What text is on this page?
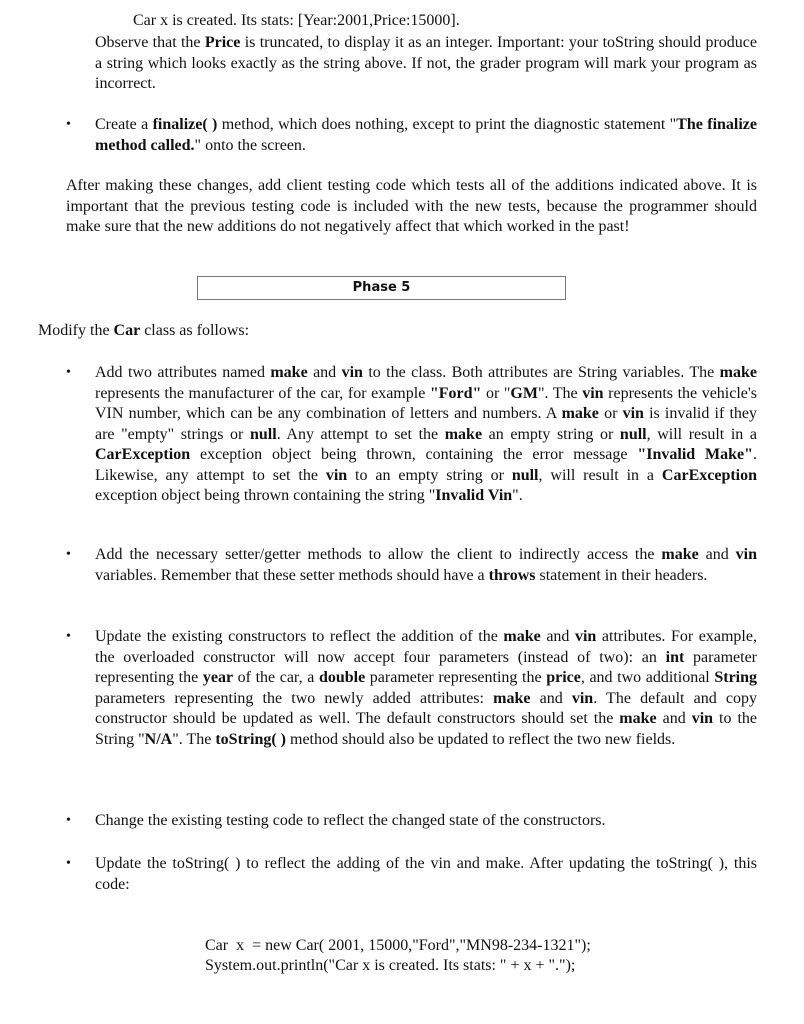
Car x is created. Its stats: [Year:2001,Price:15000].
Observe that the Price is truncated, to display it as an integer. Important: your toString should produce a string which looks exactly as the string above. If not, the grader program will mark your program as incorrect.
• Create a finalize( ) method, which does nothing, except to print the diagnostic statement "The finalize method called." onto the screen.
After making these changes, add client testing code which tests all of the additions indicated above. It is important that the previous testing code is included with the new tests, because the programmer should make sure that the new additions do not negatively affect that which worked in the past!
Phase 5
Modify the Car class as follows:
• Add two attributes named make and vin to the class. Both attributes are String variables. The make represents the manufacturer of the car, for example "Ford" or "GM". The vin represents the vehicle's VIN number, which can be any combination of letters and numbers. A make or vin is invalid if they are "empty" strings or null. Any attempt to set the make an empty string or null, will result in a CarException exception object being thrown, containing the error message "Invalid Make". Likewise, any attempt to set the vin to an empty string or null, will result in a CarException exception object being thrown containing the string "Invalid Vin".
• Add the necessary setter/getter methods to allow the client to indirectly access the make and vin variables. Remember that these setter methods should have a throws statement in their headers.
• Update the existing constructors to reflect the addition of the make and vin attributes. For example, the overloaded constructor will now accept four parameters (instead of two): an int parameter representing the year of the car, a double parameter representing the price, and two additional String parameters representing the two newly added attributes: make and vin. The default and copy constructor should be updated as well. The default constructors should set the make and vin to the String "N/A". The toString( ) method should also be updated to reflect the two new fields.
• Change the existing testing code to reflect the changed state of the constructors.
• Update the toString( ) to reflect the adding of the vin and make. After updating the toString( ), this code:
Car  x  = new Car( 2001, 15000,"Ford","MN98-234-1321");
System.out.println("Car x is created. Its stats: " + x + ".");
